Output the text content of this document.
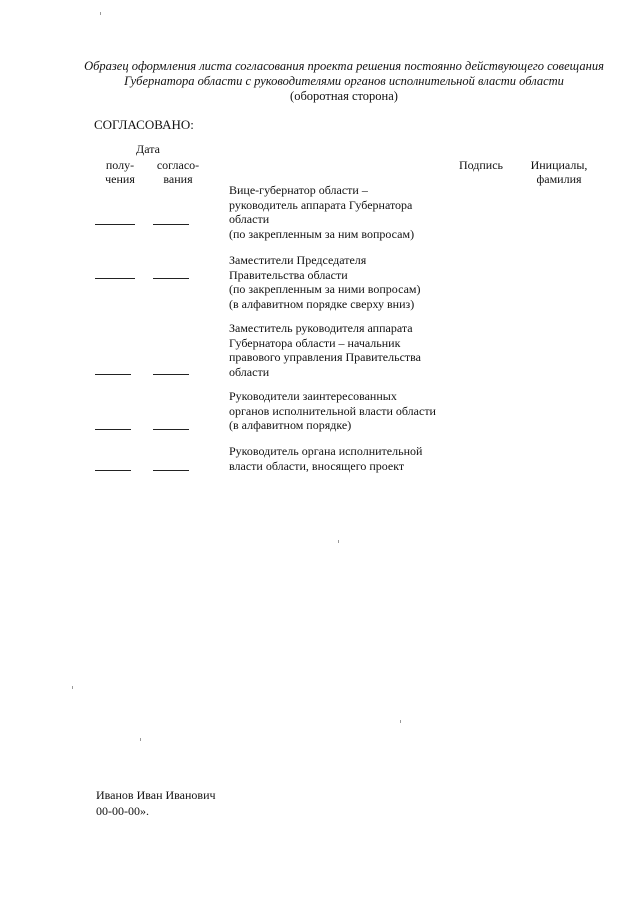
Образец оформления листа согласования проекта решения постоянно действующего совещания
Губернатора области с руководителями органов исполнительной власти области
(оборотная сторона)
СОГЛАСОВАНО:
Дата
полу-
чения
согласо-
вания
Подпись	Инициалы,
фамилия
Вице-губернатор области –
руководитель аппарата Губернатора
области
(по закрепленным за ним вопросам)
Заместители Председателя
Правительства области
(по закрепленным за ними вопросам)
(в алфавитном порядке сверху вниз)
Заместитель руководителя аппарата
Губернатора области – начальник
правового управления Правительства
области
Руководители заинтересованных
органов исполнительной власти области
(в алфавитном порядке)
Руководитель органа исполнительной
власти области, вносящего проект
Иванов Иван Иванович
00-00-00».
